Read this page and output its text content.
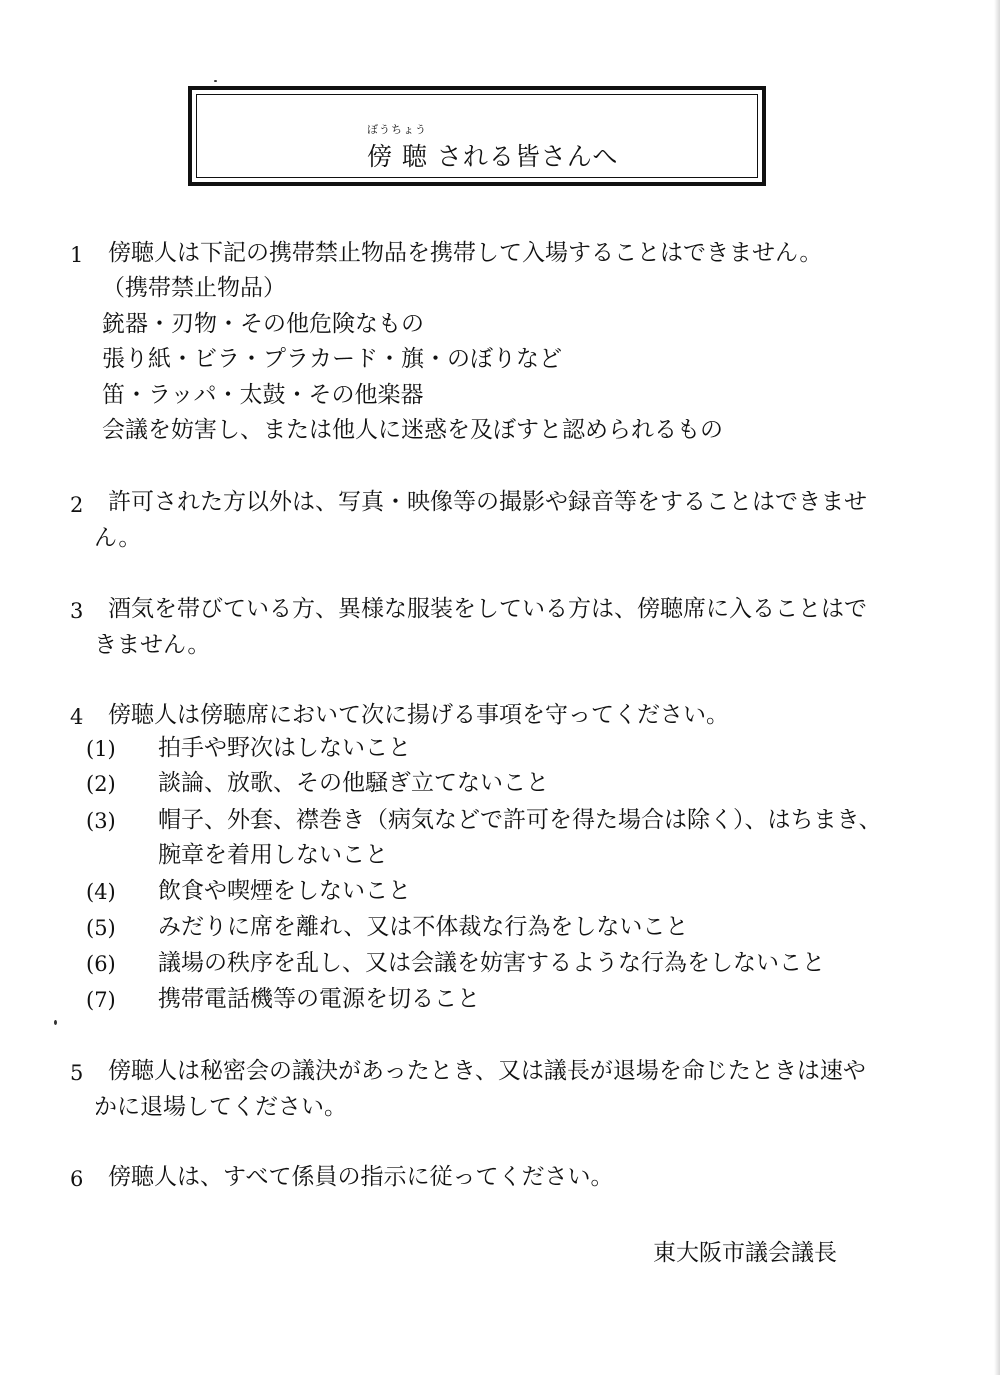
ぼうちょう
傍 聴 される皆さんへ
1 傍聴人は下記の携帯禁止物品を携帯して入場することはできません。
（携帯禁止物品）
銃器・刃物・その他危険なもの
張り紙・ビラ・プラカード・旗・のぼりなど
笛・ラッパ・太鼓・その他楽器
会議を妨害し、または他人に迷惑を及ぼすと認められるもの
2 許可された方以外は、写真・映像等の撮影や録音等をすることはできませ
ん。
3 酒気を帯びている方、異様な服装をしている方は、傍聴席に入ることはで
きません。
4 傍聴人は傍聴席において次に揚げる事項を守ってください。
(1) 拍手や野次はしないこと
(2) 談論、放歌、その他騒ぎ立てないこと
(3) 帽子、外套、襟巻き（病気などで許可を得た場合は除く）、はちまき、
腕章を着用しないこと
(4) 飲食や喫煙をしないこと
(5) みだりに席を離れ、又は不体裁な行為をしないこと
(6) 議場の秩序を乱し、又は会議を妨害するような行為をしないこと
(7) 携帯電話機等の電源を切ること
5 傍聴人は秘密会の議決があったとき、又は議長が退場を命じたときは速や
かに退場してください。
6 傍聴人は、すべて係員の指示に従ってください。
東大阪市議会議長
